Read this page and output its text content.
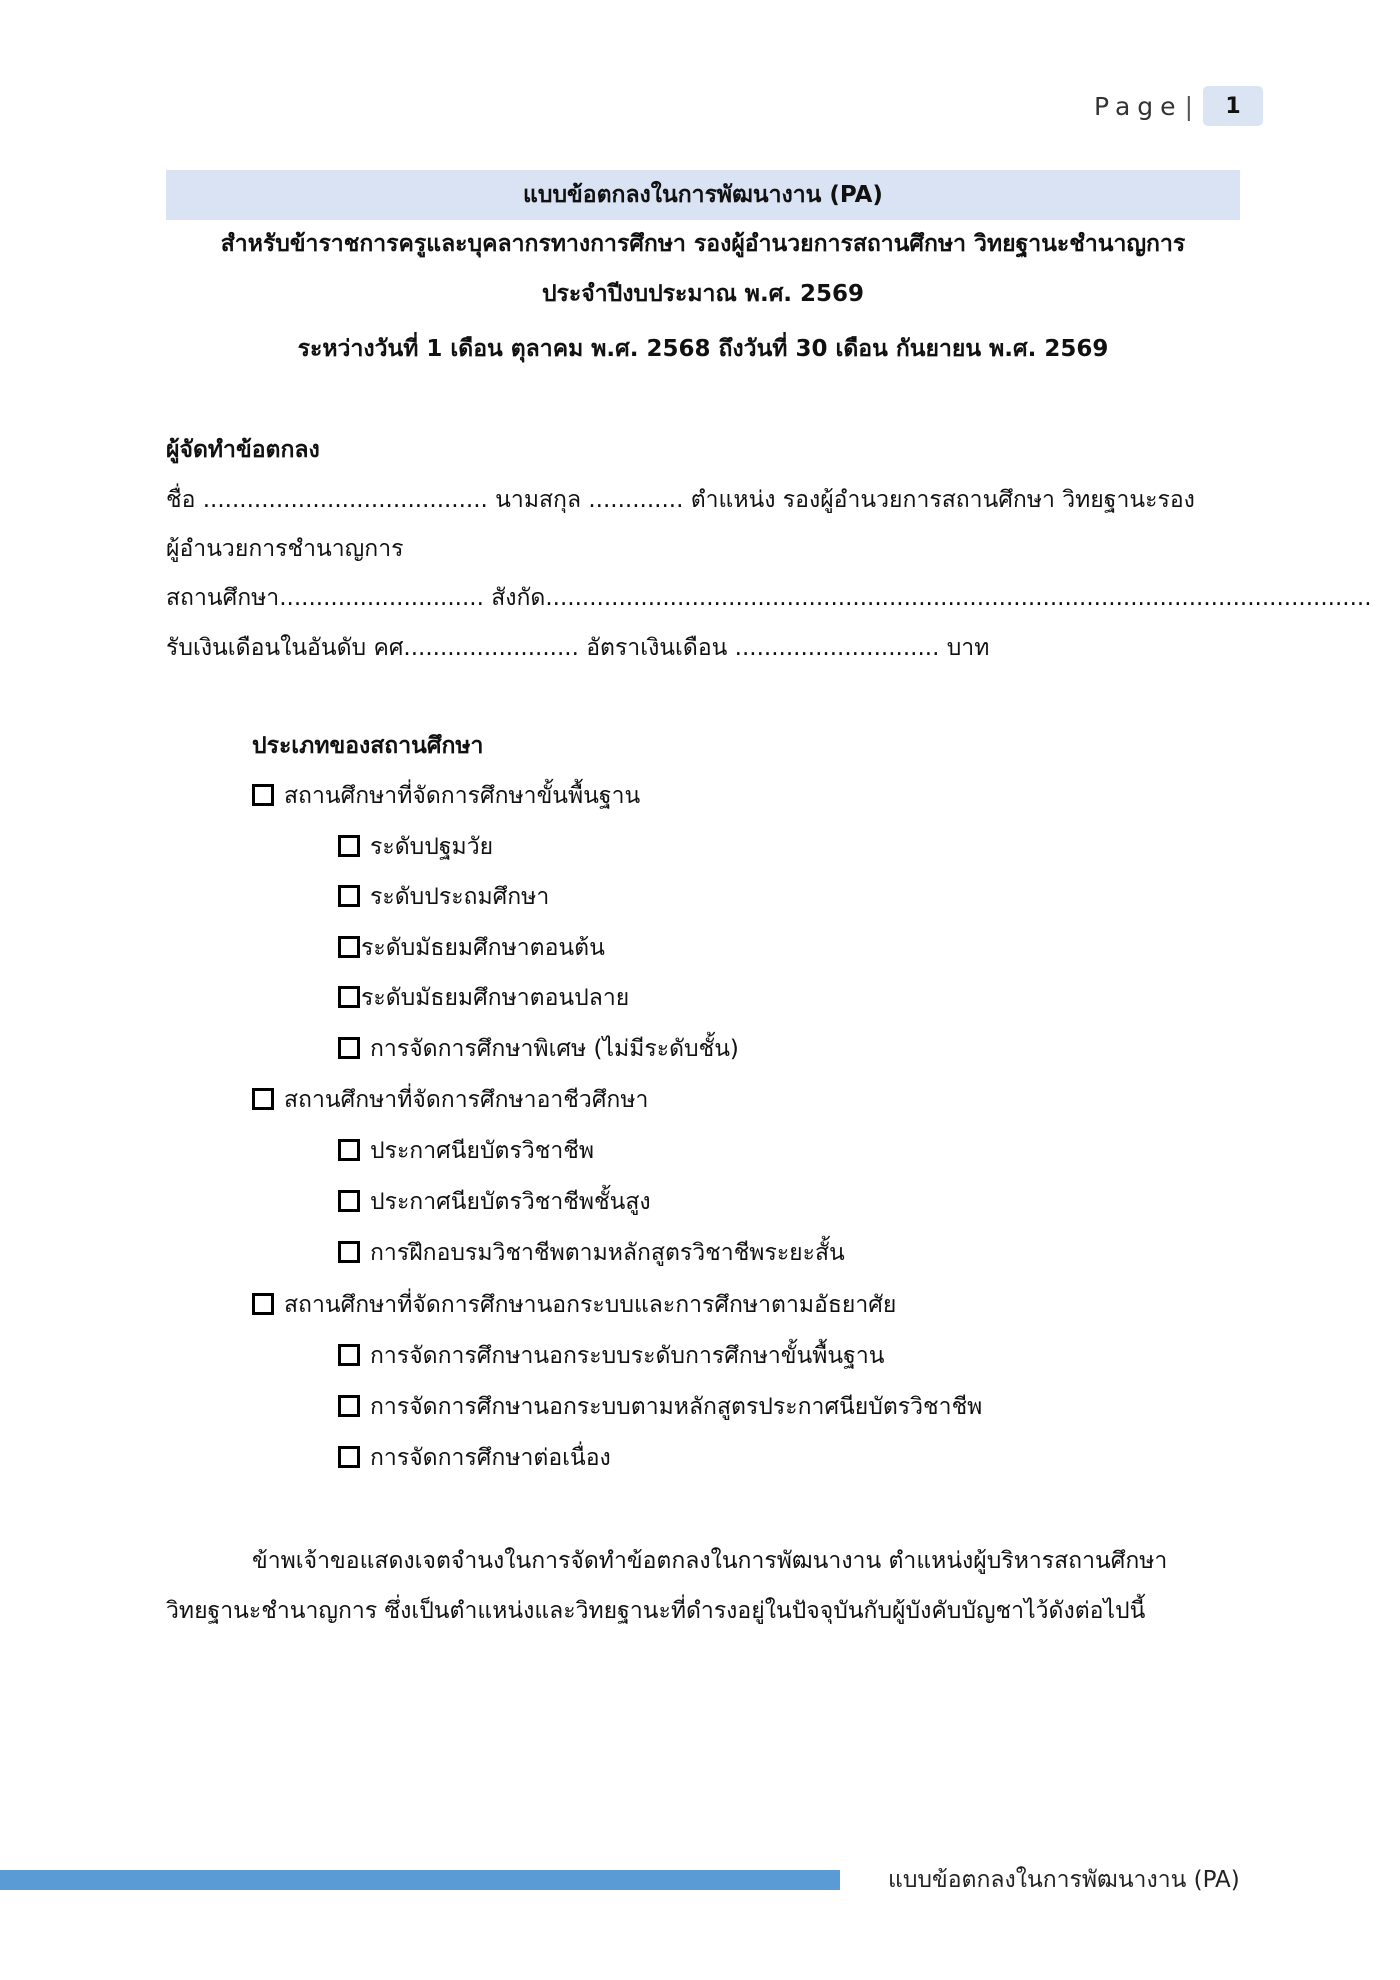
Page |	1
แบบข้อตกลงในการพัฒนางาน (PA)
สำหรับข้าราชการครูและบุคลากรทางการศึกษา รองผู้อำนวยการสถานศึกษา วิทยฐานะชำนาญการ
ประจำปีงบประมาณ พ.ศ. 2569
ระหว่างวันที่ 1 เดือน ตุลาคม พ.ศ. 2568 ถึงวันที่ 30 เดือน กันยายน พ.ศ. 2569
ผู้จัดทำข้อตกลง
ชื่อ ....................................... นามสกุล ............. ตำแหน่ง รองผู้อำนวยการสถานศึกษา วิทยฐานะรอง
ผู้อำนวยการชำนาญการ
สถานศึกษา............................ สังกัด.................................................................................................................
รับเงินเดือนในอันดับ คศ........................ อัตราเงินเดือน ............................ บาท
ประเภทของสถานศึกษา
สถานศึกษาที่จัดการศึกษาขั้นพื้นฐาน
ระดับปฐมวัย
ระดับประถมศึกษา
ระดับมัธยมศึกษาตอนต้น
ระดับมัธยมศึกษาตอนปลาย
การจัดการศึกษาพิเศษ (ไม่มีระดับชั้น)
สถานศึกษาที่จัดการศึกษาอาชีวศึกษา
ประกาศนียบัตรวิชาชีพ
ประกาศนียบัตรวิชาชีพชั้นสูง
การฝึกอบรมวิชาชีพตามหลักสูตรวิชาชีพระยะสั้น
สถานศึกษาที่จัดการศึกษานอกระบบและการศึกษาตามอัธยาศัย
การจัดการศึกษานอกระบบระดับการศึกษาขั้นพื้นฐาน
การจัดการศึกษานอกระบบตามหลักสูตรประกาศนียบัตรวิชาชีพ
การจัดการศึกษาต่อเนื่อง
ข้าพเจ้าขอแสดงเจตจำนงในการจัดทำข้อตกลงในการพัฒนางาน ตำแหน่งผู้บริหารสถานศึกษา
วิทยฐานะชำนาญการ ซึ่งเป็นตำแหน่งและวิทยฐานะที่ดำรงอยู่ในปัจจุบันกับผู้บังคับบัญชาไว้ดังต่อไปนี้
แบบข้อตกลงในการพัฒนางาน (PA)
